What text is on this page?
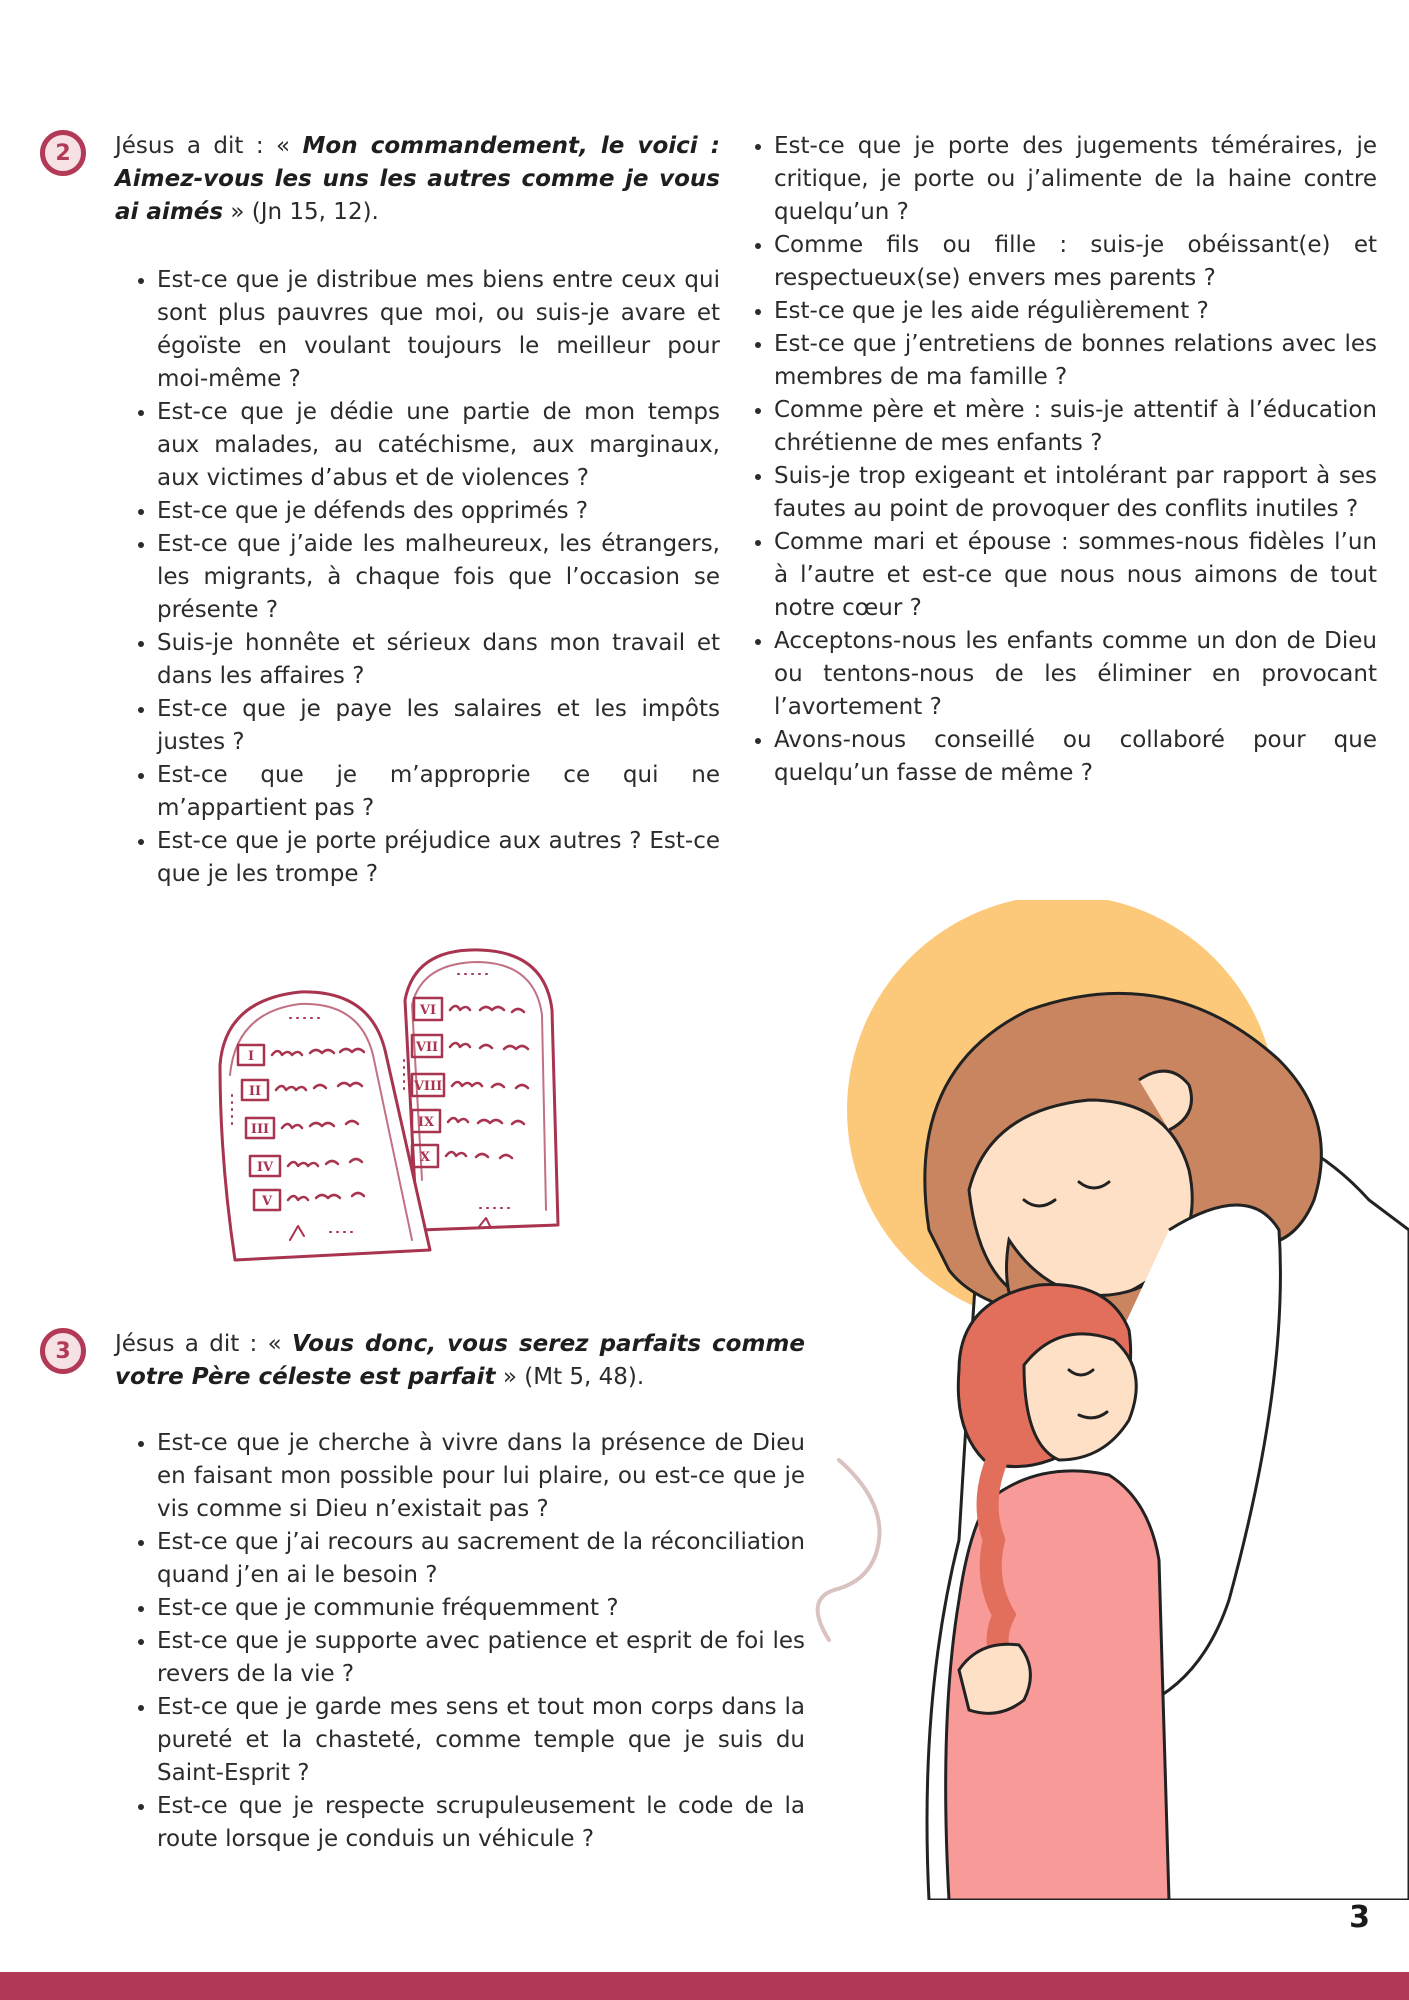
2	Jésus a dit : « Mon commandement, le voici : Aimez-vous les uns les autres comme je vous ai aimés » (Jn 15, 12).

• Est-ce que je distribue mes biens entre ceux qui sont plus pauvres que moi, ou suis-je avare et égoïste en voulant toujours le meilleur pour moi-même ?
• Est-ce que je dédie une partie de mon temps aux malades, au catéchisme, aux marginaux, aux victimes d’abus et de violences ?
• Est-ce que je défends des opprimés ?
• Est-ce que j’aide les malheureux, les étrangers, les migrants, à chaque fois que l’occasion se présente ?
• Suis-je honnête et sérieux dans mon travail et dans les affaires ?
• Est-ce que je paye les salaires et les impôts justes ?
• Est-ce que je m’approprie ce qui ne m’appartient pas ?
• Est-ce que je porte préjudice aux autres ? Est-ce que je les trompe ?
• Est-ce que je porte des jugements téméraires, je critique, je porte ou j’alimente de la haine contre quelqu’un ?
• Comme fils ou fille : suis-je obéissant(e) et respectueux(se) envers mes parents ?
• Est-ce que je les aide régulièrement ?
• Est-ce que j’entretiens de bonnes relations avec les membres de ma famille ?
• Comme père et mère : suis-je attentif à l’éducation chrétienne de mes enfants ?
• Suis-je trop exigeant et intolérant par rapport à ses fautes au point de provoquer des conflits inutiles ?
• Comme mari et épouse : sommes-nous fidèles l’un à l’autre et est-ce que nous nous aimons de tout notre cœur ?
• Acceptons-nous les enfants comme un don de Dieu ou tentons-nous de les éliminer en provocant l’avortement ?
• Avons-nous conseillé ou collaboré pour que quelqu’un fasse de même ?
I
II
III
IV
V
VI
VII
VIII
IX
X
3	Jésus a dit : « Vous donc, vous serez parfaits comme votre Père céleste est parfait » (Mt 5, 48).

• Est-ce que je cherche à vivre dans la présence de Dieu en faisant mon possible pour lui plaire, ou est-ce que je vis comme si Dieu n’existait pas ?
• Est-ce que j’ai recours au sacrement de la réconciliation quand j’en ai le besoin ?
• Est-ce que je communie fréquemment ?
• Est-ce que je supporte avec patience et esprit de foi les revers de la vie ?
• Est-ce que je garde mes sens et tout mon corps dans la pureté et la chasteté, comme temple que je suis du Saint-Esprit ?
• Est-ce que je respecte scrupuleusement le code de la route lorsque je conduis un véhicule ?
3
